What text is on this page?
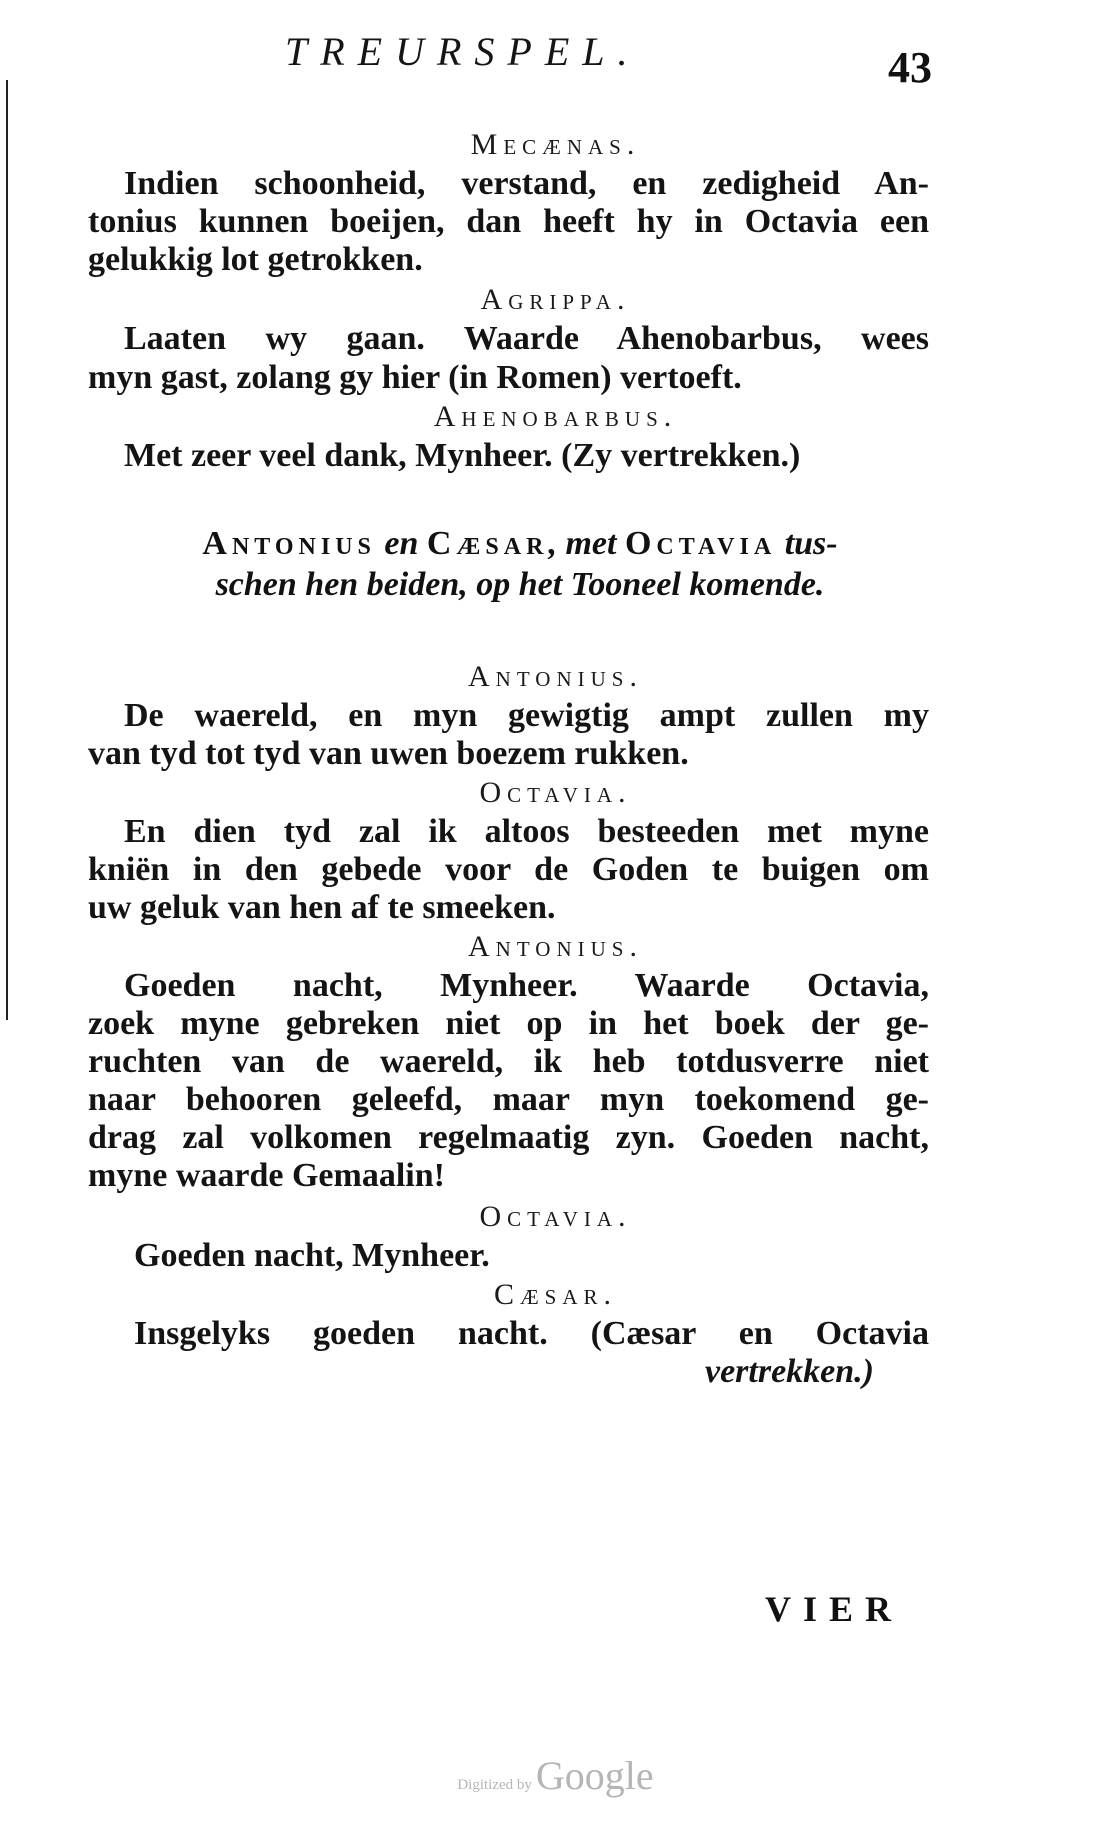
TREURSPEL.	43
Mecænas.
Indien schoonheid, verstand, en zedigheid An-
tonius kunnen boeijen, dan heeft hy in Octavia een
gelukkig lot getrokken.
Agrippa.
Laaten wy gaan. Waarde Ahenobarbus, wees
myn gast, zolang gy hier (in Romen) vertoeft.
Ahenobarbus.
Met zeer veel dank, Mynheer. (Zy vertrekken.)
Antonius en Cæsar, met Octavia tus-
schen hen beiden, op het Tooneel komende.
Antonius.
De waereld, en myn gewigtig ampt zullen my
van tyd tot tyd van uwen boezem rukken.
Octavia.
En dien tyd zal ik altoos besteeden met myne
kniën in den gebede voor de Goden te buigen om
uw geluk van hen af te smeeken.
Antonius.
Goeden nacht, Mynheer. Waarde Octavia,
zoek myne gebreken niet op in het boek der ge-
ruchten van de waereld, ik heb totdusverre niet
naar behooren geleefd, maar myn toekomend ge-
drag zal volkomen regelmaatig zyn. Goeden nacht,
myne waarde Gemaalin!
Octavia.
Goeden nacht, Mynheer.
Cæsar.
Insgelyks goeden nacht. (Cæsar en Octavia
vertrekken.)
VIER
Digitized by Google
